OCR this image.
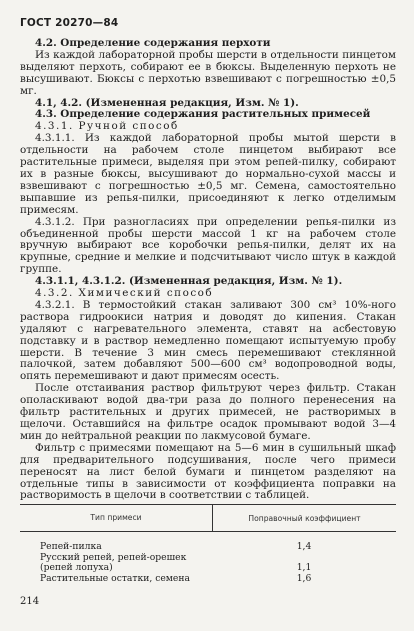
ГОСТ 20270—84

4.2. Определение содержания перхоти

Из каждой лабораторной пробы шерсти в отдельности пинцетом выделяют перхоть, собирают ее в бюксы. Выделенную перхоть не высушивают. Бюксы с перхотью взвешивают с погрешностью ±0,5 мг.

4.1, 4.2. (Измененная редакция, Изм. № 1).

4.3. Определение содержания растительных примесей

4.3.1. Ручной способ

4.3.1.1. Из каждой лабораторной пробы мытой шерсти в отдельности на рабочем столе пинцетом выбирают все растительные примеси, выделяя при этом репей-пилку, собирают их в разные бюксы, высушивают до нормально-сухой массы и взвешивают с погрешностью ±0,5 мг. Семена, самостоятельно выпавшие из репья-пилки, присоединяют к легко отделимым примесям.

4.3.1.2. При разногласиях при определении репья-пилки из объединенной пробы шерсти массой 1 кг на рабочем столе вручную выбирают все коробочки репья-пилки, делят их на крупные, средние и мелкие и подсчитывают число штук в каждой группе.

4.3.1.1, 4.3.1.2. (Измененная редакция, Изм. № 1).

4.3.2. Химический способ

4.3.2.1. В термостойкий стакан заливают 300 см³ 10%-ного раствора гидроокиси натрия и доводят до кипения. Стакан удаляют с нагревательного элемента, ставят на асбестовую подставку и в раствор немедленно помещают испытуемую пробу шерсти. В течение 3 мин смесь перемешивают стеклянной палочкой, затем добавляют 500—600 см³ водопроводной воды, опять перемешивают и дают примесям осесть.

После отстаивания раствор фильтруют через фильтр. Стакан ополаскивают водой два-три раза до полного перенесения на фильтр растительных и других примесей, не растворимых в щелочи. Оставшийся на фильтре осадок промывают водой 3—4 мин до нейтральной реакции по лакмусовой бумаге.

Фильтр с примесями помещают на 5—6 мин в сушильный шкаф для предварительного подсушивания, после чего примеси переносят на лист белой бумаги и пинцетом разделяют на отдельные типы в зависимости от коэффициента поправки на растворимость в щелочи в соответствии с таблицей.

Тип примеси	Поправочный коэффициент
Репей-пилка	1,4
Русский репей, репей-орешек (репей лопуха)	1,1
Растительные остатки, семена	1,6
214
